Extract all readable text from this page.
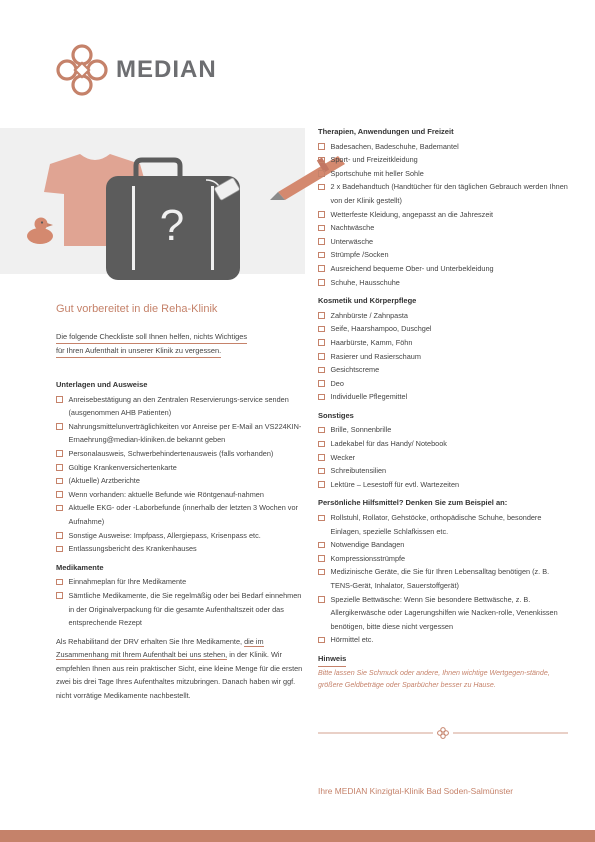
MEDIAN
?
Gut vorbereitet in die Reha-Klinik
Die folgende Checkliste soll Ihnen helfen, nichts Wichtiges
für Ihren Aufenthalt in unserer Klinik zu vergessen.
Unterlagen und Ausweise
Anreisebestätigung an den Zentralen Reservierungs-service senden (ausgenommen AHB Patienten)
Nahrungsmittelunverträglichkeiten vor Anreise per E-Mail an VS224KIN-Ernaehrung@median-kliniken.de bekannt geben
Personalausweis, Schwerbehindertenausweis (falls vorhanden)
Gültige Krankenversichertenkarte
(Aktuelle) Arztberichte
Wenn vorhanden: aktuelle Befunde wie Röntgenauf-nahmen
Aktuelle EKG- oder -Laborbefunde (innerhalb der letzten 3 Wochen vor Aufnahme)
Sonstige Ausweise: Impfpass, Allergiepass, Krisenpass etc.
Entlassungsbericht des Krankenhauses
Medikamente
Einnahmeplan für Ihre Medikamente
Sämtliche Medikamente, die Sie regelmäßig oder bei Bedarf einnehmen in der Originalverpackung für die gesamte Aufenthaltszeit oder das entsprechende Rezept
Als Rehabilitand der DRV erhalten Sie Ihre Medikamente, die im Zusammenhang mit Ihrem Aufenthalt bei uns stehen, in der Klinik. Wir empfehlen Ihnen aus rein praktischer Sicht, eine kleine Menge für die ersten zwei bis drei Tage Ihres Aufenthaltes mitzubringen. Danach haben wir ggf. nicht vorrätige Medikamente nachbestellt.
Therapien, Anwendungen und Freizeit
Badesachen, Badeschuhe, Bademantel
Sport- und Freizeitkleidung
Sportschuhe mit heller Sohle
2 x Badehandtuch (Handtücher für den täglichen Gebrauch werden Ihnen von der Klinik gestellt)
Wetterfeste Kleidung, angepasst an die Jahreszeit
Nachtwäsche
Unterwäsche
Strümpfe /Socken
Ausreichend bequeme Ober- und Unterbekleidung
Schuhe, Hausschuhe
Kosmetik und Körperpflege
Zahnbürste / Zahnpasta
Seife, Haarshampoo, Duschgel
Haarbürste, Kamm, Föhn
Rasierer und Rasierschaum
Gesichtscreme
Deo
Individuelle Pflegemittel
Sonstiges
Brille, Sonnenbrille
Ladekabel für das Handy/ Notebook
Wecker
Schreibutensilien
Lektüre – Lesestoff für evtl. Wartezeiten
Persönliche Hilfsmittel? Denken Sie zum Beispiel an:
Rollstuhl, Rollator, Gehstöcke, orthopädische Schuhe, besondere Einlagen, spezielle Schlafkissen etc.
Notwendige Bandagen
Kompressionsstrümpfe
Medizinische Geräte, die Sie für Ihren Lebensalltag benötigen (z. B. TENS-Gerät, Inhalator, Sauerstoffgerät)
Spezielle Bettwäsche: Wenn Sie besondere Bettwäsche, z. B. Allergikerwäsche oder Lagerungshilfen wie Nacken-rolle, Venenkissen benötigen, bitte diese nicht vergessen
Hörmittel etc.
Hinweis
Bitte lassen Sie Schmuck oder andere, Ihnen wichtige Wertgegen-stände, größere Geldbeträge oder Sparbücher besser zu Hause.
Ihre MEDIAN Kinzigtal-Klinik Bad Soden-Salmünster
